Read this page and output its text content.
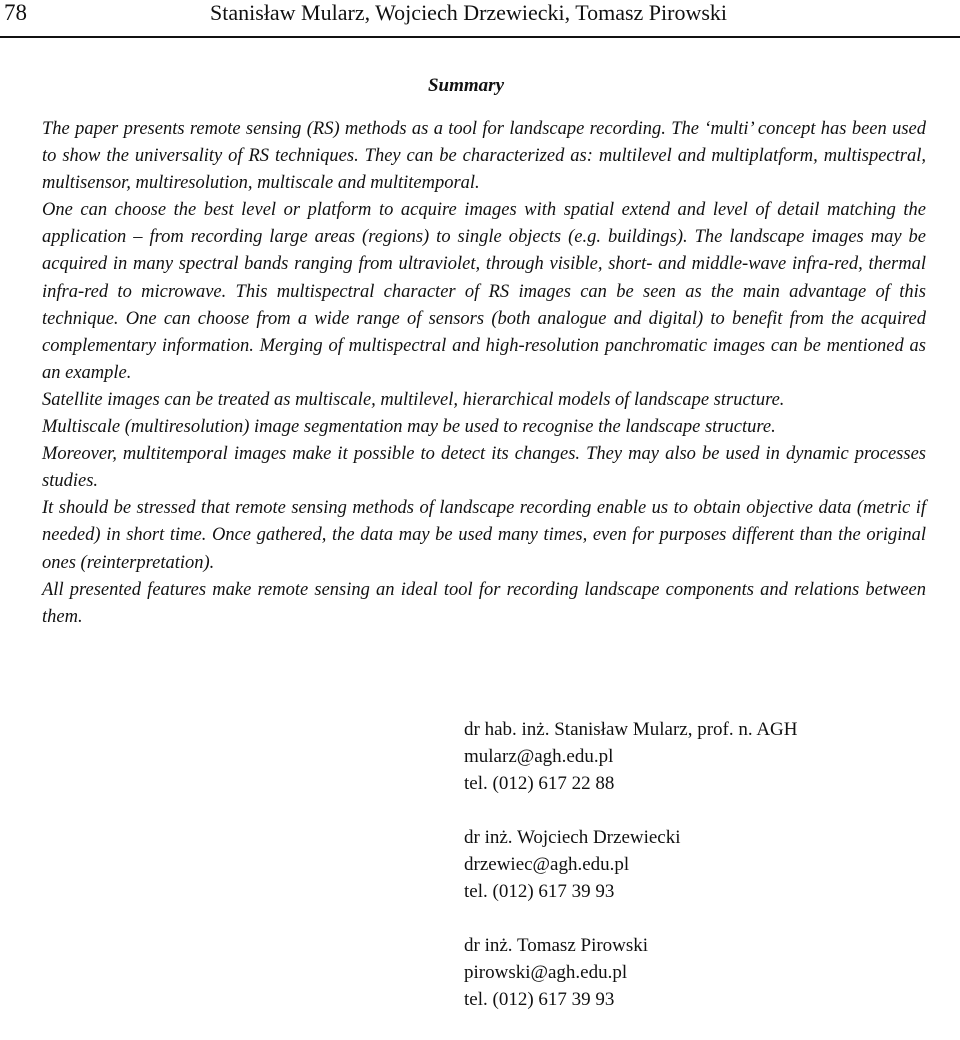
78	Stanisław Mularz, Wojciech Drzewiecki, Tomasz Pirowski
Summary

The paper presents remote sensing (RS) methods as a tool for landscape recording. The ‘multi’ concept has been used to show the universality of RS techniques. They can be characterized as: multilevel and multiplatform, multispectral, multisensor, multiresolution, multiscale and multitemporal.

One can choose the best level or platform to acquire images with spatial extend and level of detail matching the application – from recording large areas (regions) to single objects (e.g. buildings). The landscape images may be acquired in many spectral bands ranging from ultraviolet, through visible, short- and middle-wave infra-red, thermal infra-red to microwave. This multispectral character of RS images can be seen as the main advantage of this technique. One can choose from a wide range of sensors (both analogue and digital) to benefit from the acquired complementary information. Merging of multispectral and high-resolution panchromatic images can be mentioned as an example.

Satellite images can be treated as multiscale, multilevel, hierarchical models of landscape structure.

Multiscale (multiresolution) image segmentation may be used to recognise the landscape structure.

Moreover, multitemporal images make it possible to detect its changes. They may also be used in dynamic processes studies.

It should be stressed that remote sensing methods of landscape recording enable us to obtain objective data (metric if needed) in short time. Once gathered, the data may be used many times, even for purposes different than the original ones (reinterpretation).

All presented features make remote sensing an ideal tool for recording landscape components and relations between them.

dr hab. inż. Stanisław Mularz, prof. n. AGH
mularz@agh.edu.pl
tel. (012) 617 22 88
dr inż. Wojciech Drzewiecki
drzewiec@agh.edu.pl
tel. (012) 617 39 93
dr inż. Tomasz Pirowski
pirowski@agh.edu.pl
tel. (012) 617 39 93
